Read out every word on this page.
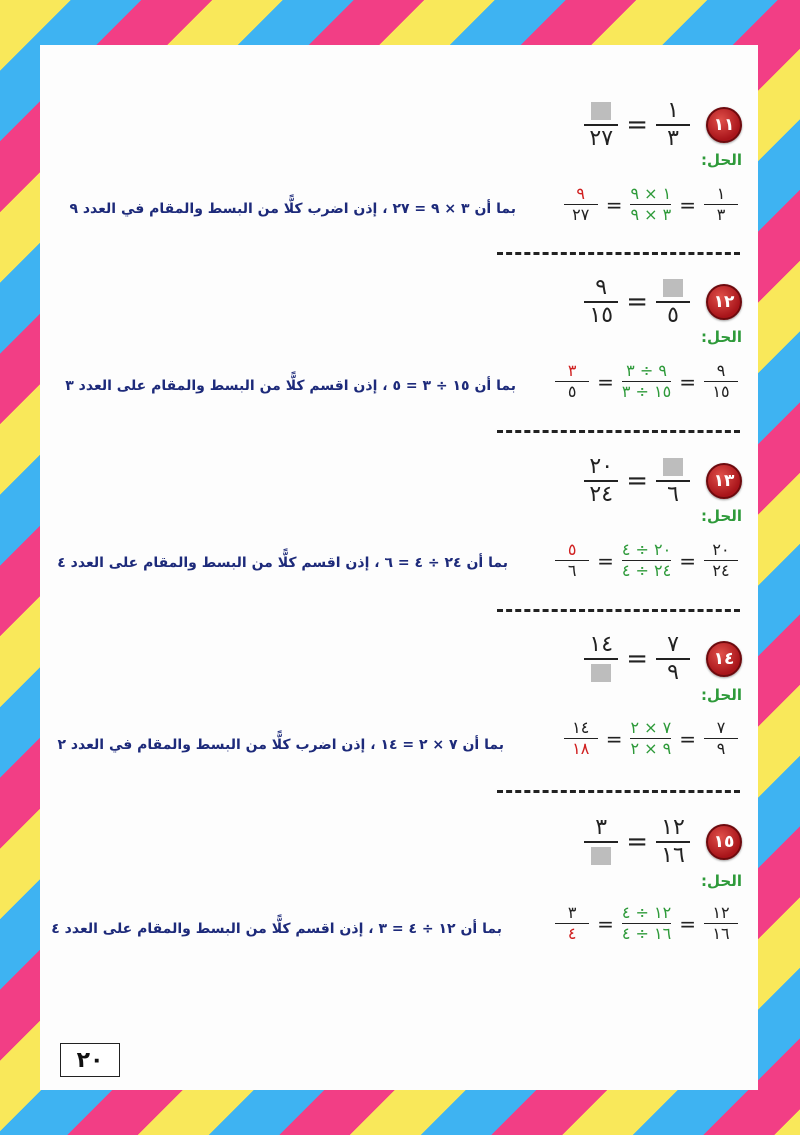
١١
$\frac{١}{٣}$
=
٢٧
الحل:
$\frac{١}{٣}$
=
$\frac{١ \times ٩}{٣ \times ٩}$
=
$\frac{٩}{٢٧}$
بما أن ٣ × ٩ = ٢٧ ، إذن اضرب كلًّا من البسط والمقام في العدد ٩
١٢
٥
=
$\frac{٩}{١٥}$
الحل:
$\frac{٩}{١٥}$
=
$\frac{٩ \div ٣}{١٥ \div ٣}$
=
$\frac{٣}{٥}$
بما أن ١٥ ÷ ٣ = ٥ ، إذن اقسم كلًّا من البسط والمقام على العدد ٣
١٣
٦
=
$\frac{٢٠}{٢٤}$
الحل:
$\frac{٢٠}{٢٤}$
=
$\frac{٢٠ \div ٤}{٢٤ \div ٤}$
=
$\frac{٥}{٦}$
بما أن ٢٤ ÷ ٤ = ٦ ، إذن اقسم كلًّا من البسط والمقام على العدد ٤
١٤
$\frac{٧}{٩}$
=
١٤
الحل:
$\frac{٧}{٩}$
=
$\frac{٧ \times ٢}{٩ \times ٢}$
=
$\frac{١٤}{١٨}$
بما أن ٧ × ٢ = ١٤ ، إذن اضرب كلًّا من البسط والمقام في العدد ٢
١٥
$\frac{١٢}{١٦}$
=
٣
الحل:
$\frac{١٢}{١٦}$
=
$\frac{١٢ \div ٤}{١٦ \div ٤}$
=
$\frac{٣}{٤}$
بما أن ١٢ ÷ ٤ = ٣ ، إذن اقسم كلًّا من البسط والمقام على العدد ٤
٢٠
